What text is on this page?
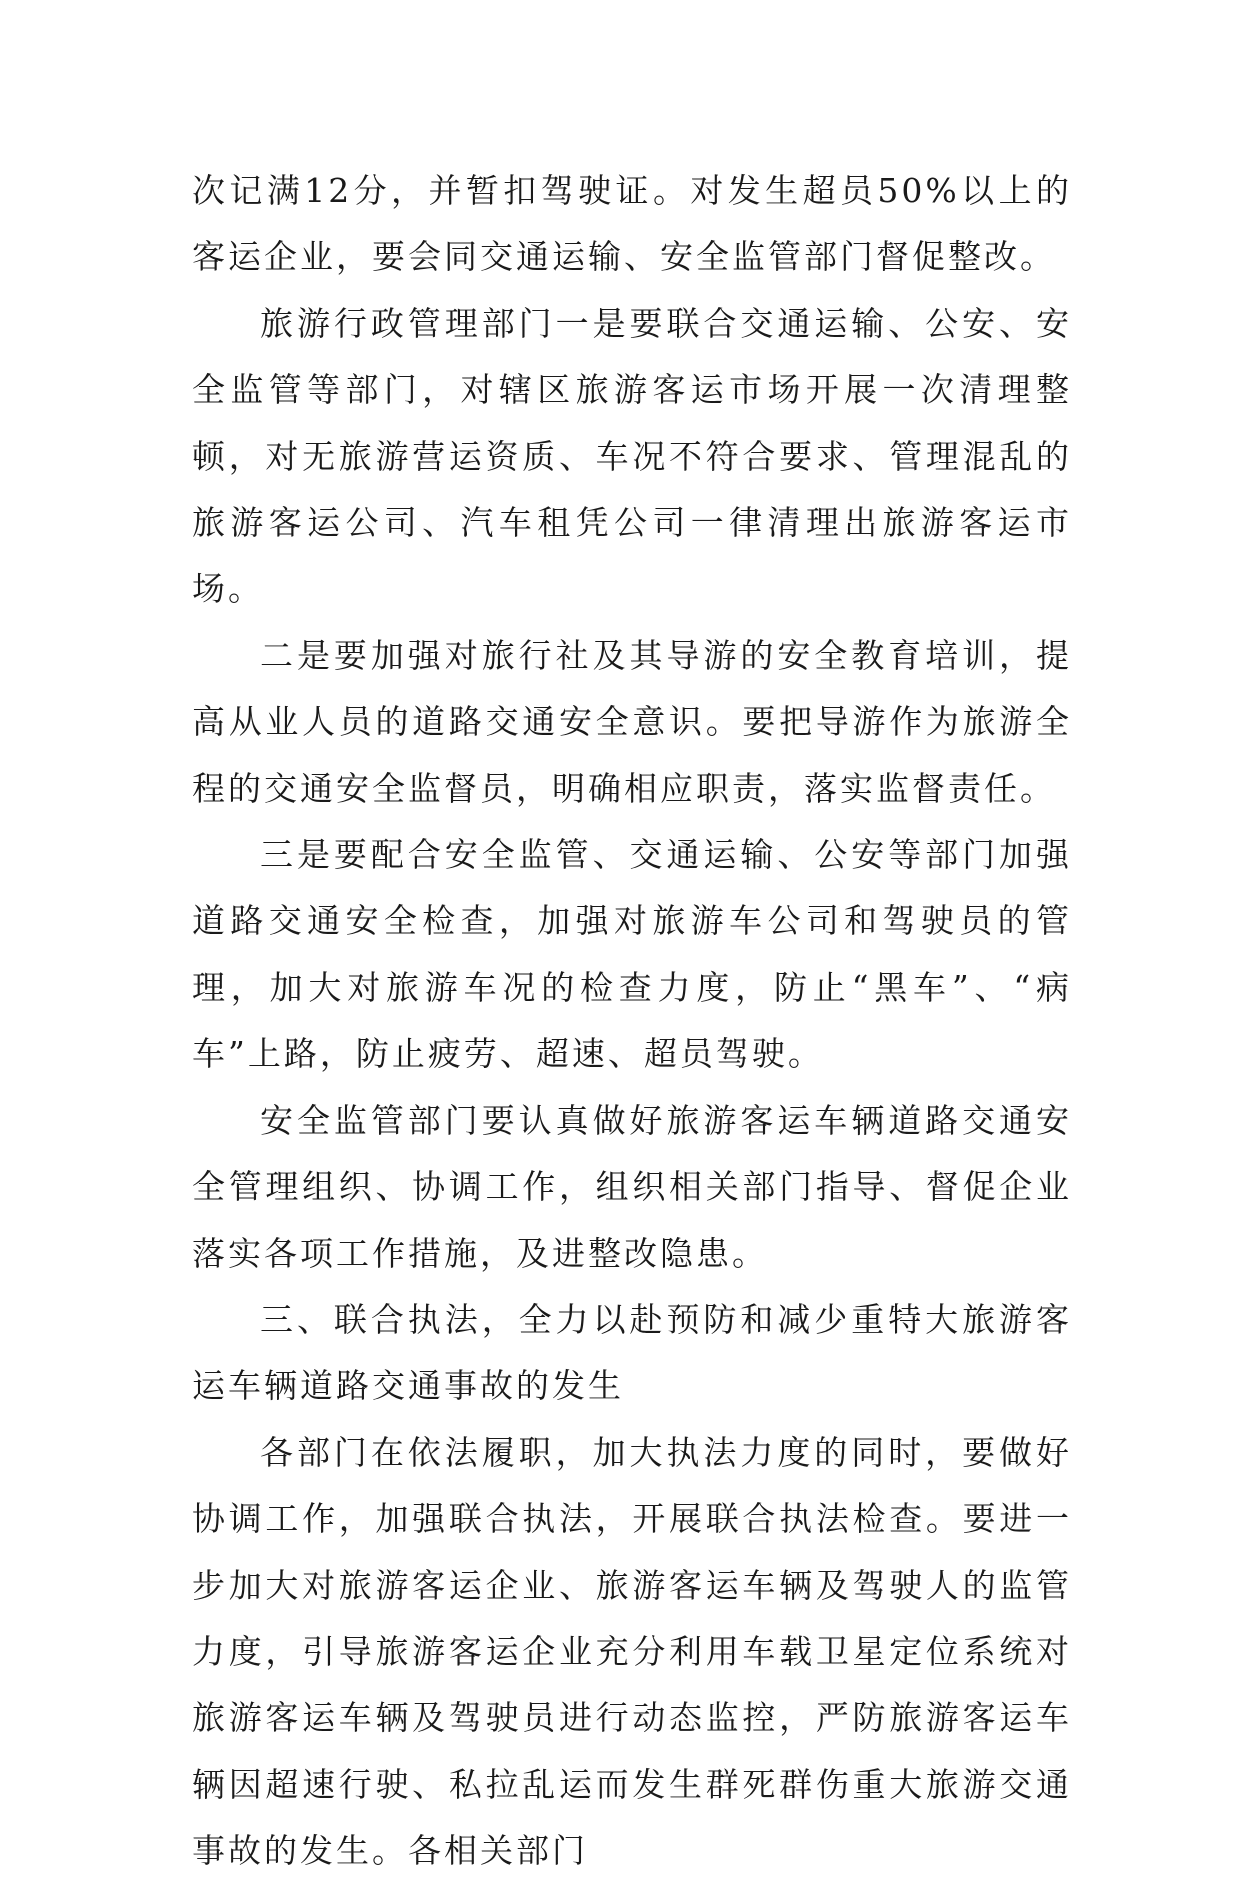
次记满12分，并暂扣驾驶证。对发生超员50%以上的客运企业，要会同交通运输、安全监管部门督促整改。

旅游行政管理部门一是要联合交通运输、公安、安全监管等部门，对辖区旅游客运市场开展一次清理整顿，对无旅游营运资质、车况不符合要求、管理混乱的旅游客运公司、汽车租凭公司一律清理出旅游客运市场。

二是要加强对旅行社及其导游的安全教育培训，提高从业人员的道路交通安全意识。要把导游作为旅游全程的交通安全监督员，明确相应职责，落实监督责任。

三是要配合安全监管、交通运输、公安等部门加强道路交通安全检查，加强对旅游车公司和驾驶员的管理，加大对旅游车况的检查力度，防止“黑车”、“病车”上路，防止疲劳、超速、超员驾驶。

安全监管部门要认真做好旅游客运车辆道路交通安全管理组织、协调工作，组织相关部门指导、督促企业落实各项工作措施，及进整改隐患。

三、联合执法，全力以赴预防和减少重特大旅游客运车辆道路交通事故的发生

各部门在依法履职，加大执法力度的同时，要做好协调工作，加强联合执法，开展联合执法检查。要进一步加大对旅游客运企业、旅游客运车辆及驾驶人的监管力度，引导旅游客运企业充分利用车载卫星定位系统对旅游客运车辆及驾驶员进行动态监控，严防旅游客运车辆因超速行驶、私拉乱运而发生群死群伤重大旅游交通事故的发生。各相关部门
